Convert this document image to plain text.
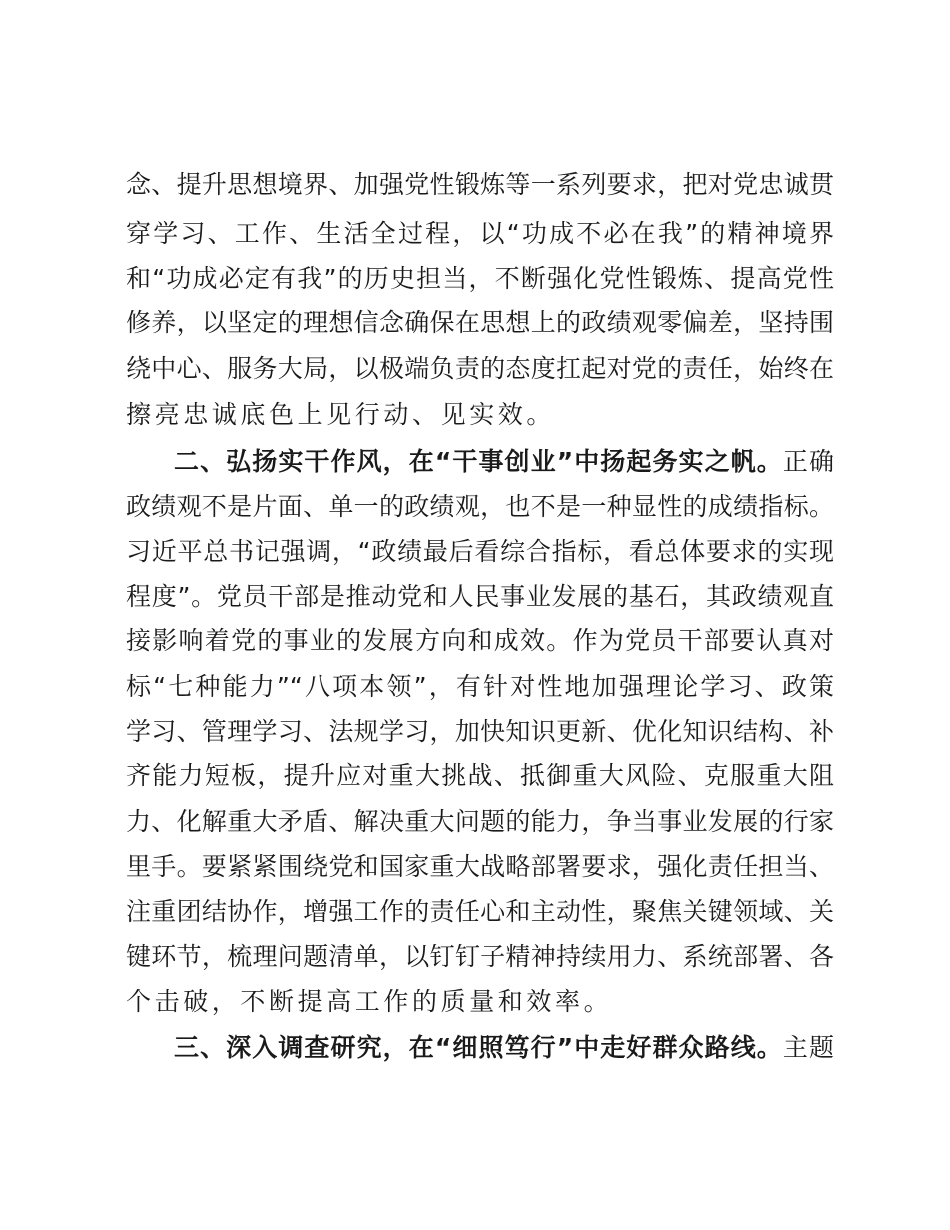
念、提升思想境界、加强党性锻炼等一系列要求，把对党忠诚贯
穿学习、工作、生活全过程，以“功成不必在我”的精神境界
和“功成必定有我”的历史担当，不断强化党性锻炼、提高党性
修养，以坚定的理想信念确保在思想上的政绩观零偏差，坚持围
绕中心、服务大局，以极端负责的态度扛起对党的责任，始终在
擦亮忠诚底色上见行动、见实效。
二、弘扬实干作风，在“干事创业”中扬起务实之帆。正确
政绩观不是片面、单一的政绩观，也不是一种显性的成绩指标。
习近平总书记强调，“政绩最后看综合指标，看总体要求的实现
程度”。党员干部是推动党和人民事业发展的基石，其政绩观直
接影响着党的事业的发展方向和成效。作为党员干部要认真对
标“七种能力”“八项本领”，有针对性地加强理论学习、政策
学习、管理学习、法规学习，加快知识更新、优化知识结构、补
齐能力短板，提升应对重大挑战、抵御重大风险、克服重大阻
力、化解重大矛盾、解决重大问题的能力，争当事业发展的行家
里手。要紧紧围绕党和国家重大战略部署要求，强化责任担当、
注重团结协作，增强工作的责任心和主动性，聚焦关键领域、关
键环节，梳理问题清单，以钉钉子精神持续用力、系统部署、各
个击破，不断提高工作的质量和效率。
三、深入调查研究，在“细照笃行”中走好群众路线。主题
